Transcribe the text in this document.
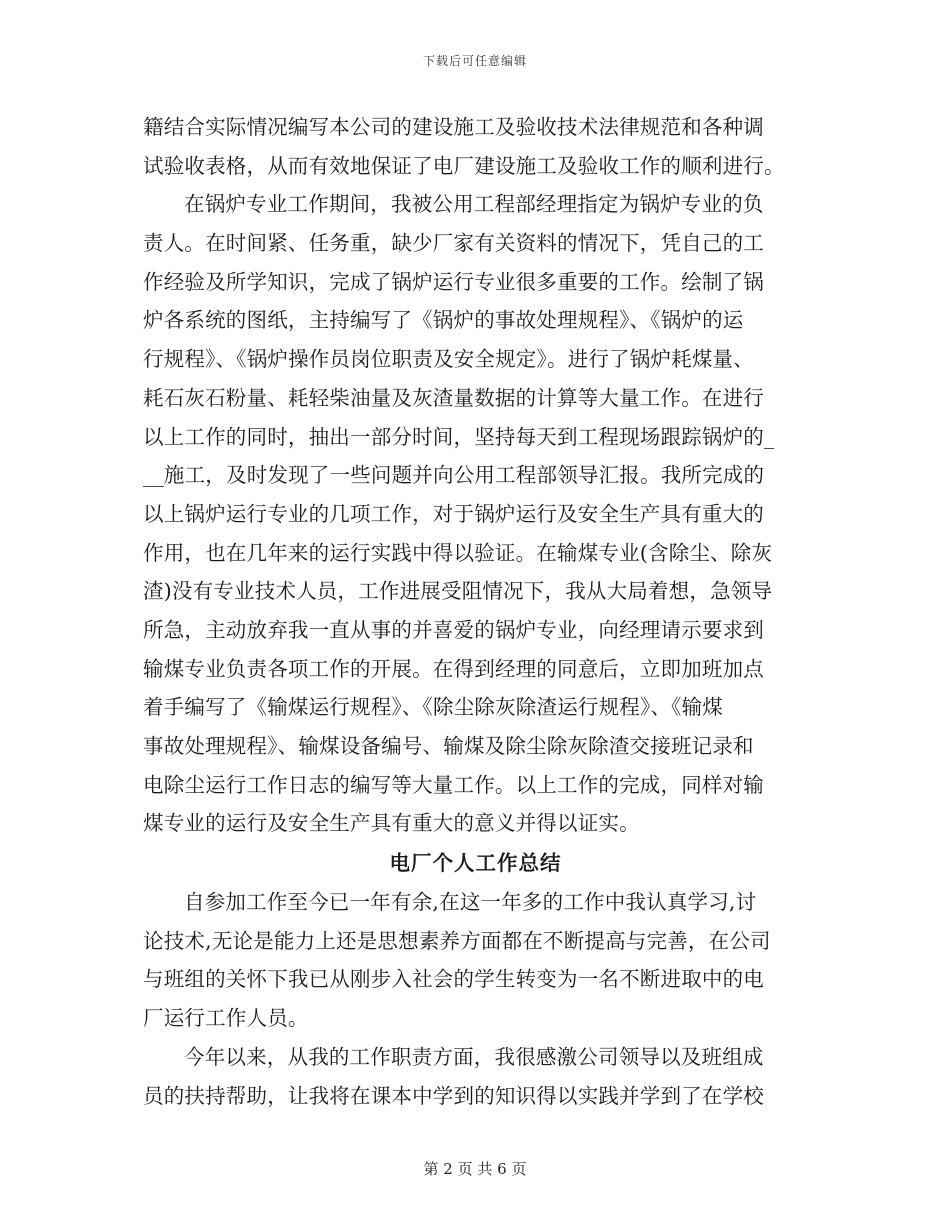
下载后可任意编辑
籍结合实际情况编写本公司的建设施工及验收技术法律规范和各种调
试验收表格，从而有效地保证了电厂建设施工及验收工作的顺利进行。
在锅炉专业工作期间，我被公用工程部经理指定为锅炉专业的负
责人。在时间紧、任务重，缺少厂家有关资料的情况下，凭自己的工
作经验及所学知识，完成了锅炉运行专业很多重要的工作。绘制了锅
炉各系统的图纸，主持编写了《锅炉的事故处理规程》、《锅炉的运
行规程》、《锅炉操作员岗位职责及安全规定》。进行了锅炉耗煤量、
耗石灰石粉量、耗轻柴油量及灰渣量数据的计算等大量工作。在进行
以上工作的同时，抽出一部分时间，坚持每天到工程现场跟踪锅炉的_
__施工，及时发现了一些问题并向公用工程部领导汇报。我所完成的
以上锅炉运行专业的几项工作，对于锅炉运行及安全生产具有重大的
作用，也在几年来的运行实践中得以验证。在输煤专业(含除尘、除灰
渣)没有专业技术人员，工作进展受阻情况下，我从大局着想，急领导
所急，主动放弃我一直从事的并喜爱的锅炉专业，向经理请示要求到
输煤专业负责各项工作的开展。在得到经理的同意后，立即加班加点
着手编写了《输煤运行规程》、《除尘除灰除渣运行规程》、《输煤
事故处理规程》、输煤设备编号、输煤及除尘除灰除渣交接班记录和
电除尘运行工作日志的编写等大量工作。以上工作的完成，同样对输
煤专业的运行及安全生产具有重大的意义并得以证实。
电厂个人工作总结
自参加工作至今已一年有余,在这一年多的工作中我认真学习,讨
论技术,无论是能力上还是思想素养方面都在不断提高与完善，在公司
与班组的关怀下我已从刚步入社会的学生转变为一名不断进取中的电
厂运行工作人员。
今年以来，从我的工作职责方面，我很感激公司领导以及班组成
员的扶持帮助，让我将在课本中学到的知识得以实践并学到了在学校
第 2 页 共 6 页
